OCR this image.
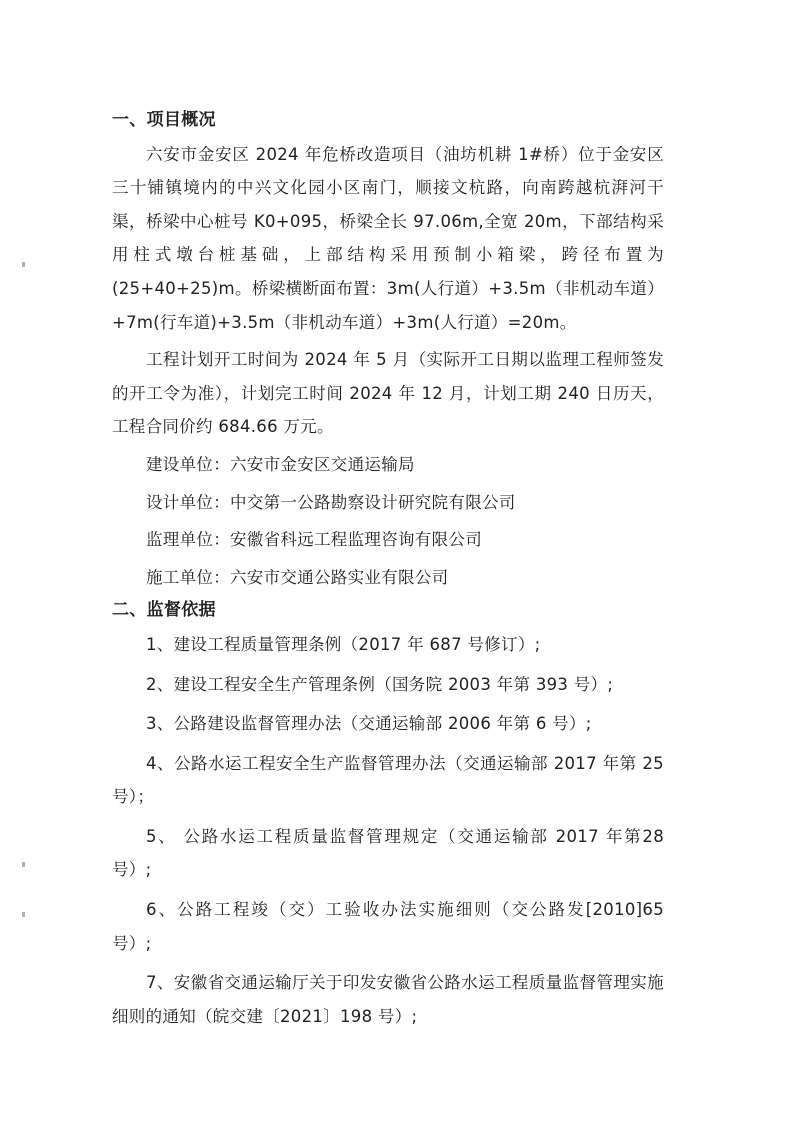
一、项目概况

六安市金安区 2024 年危桥改造项目（油坊机耕 1#桥）位于金安区三十铺镇境内的中兴文化园小区南门，顺接文杭路，向南跨越杭湃河干渠，桥梁中心桩号 K0+095，桥梁全长 97.06m,全宽 20m，下部结构采用柱式墩台桩基础，上部结构采用预制小箱梁，跨径布置为(25+40+25)m。桥梁横断面布置：3m(人行道）+3.5m（非机动车道）+7m(行车道)+3.5m（非机动车道）+3m(人行道）=20m。

工程计划开工时间为 2024 年 5 月（实际开工日期以监理工程师签发的开工令为准），计划完工时间 2024 年 12 月，计划工期 240 日历天，工程合同价约 684.66 万元。

建设单位：六安市金安区交通运输局

设计单位：中交第一公路勘察设计研究院有限公司

监理单位：安徽省科远工程监理咨询有限公司

施工单位：六安市交通公路实业有限公司

二、监督依据

1、建设工程质量管理条例（2017 年 687 号修订）;

2、建设工程安全生产管理条例（国务院 2003 年第 393 号）;

3、公路建设监督管理办法（交通运输部 2006 年第 6 号）;

4、公路水运工程安全生产监督管理办法（交通运输部 2017 年第 25 号）；

5、 公路水运工程质量监督管理规定（交通运输部 2017 年第28 号）;

6、公路工程竣（交）工验收办法实施细则（交公路发[2010]65 号）;

7、安徽省交通运输厅关于印发安徽省公路水运工程质量监督管理实施细则的通知（皖交建〔2021〕198 号）;
